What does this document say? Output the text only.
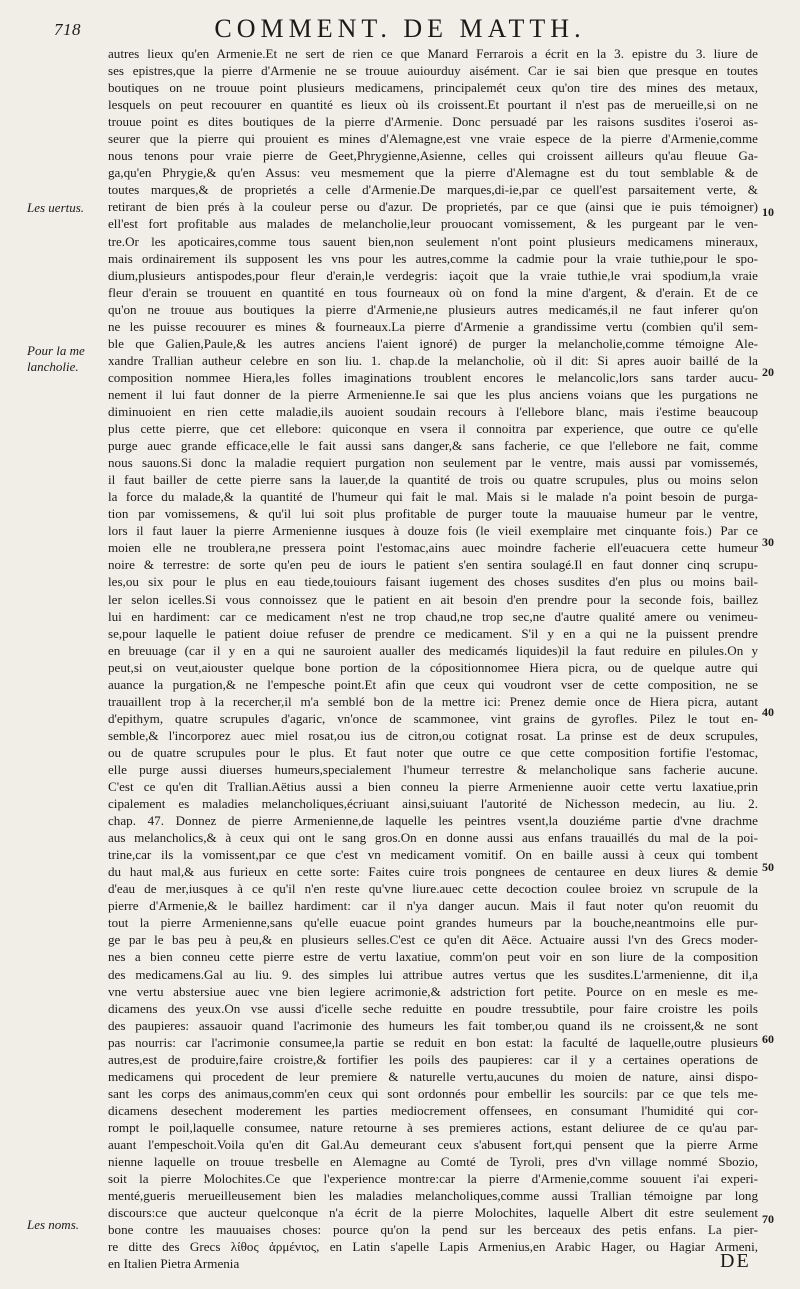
718	COMMENT. DE MATTH.
Les uertus.
Pour la me
lancholie.
Les noms.
10
20
30
40
50
60
70
autres lieux qu'en Armenie.Et ne sert de rien ce que Manard Ferrarois a écrit en la 3. epistre du 3. liure de
ses epistres,que la pierre d'Armenie ne se trouue auiourduy aisément. Car ie sai bien que presque en toutes
boutiques on ne trouue point plusieurs medicamens, principalemét ceux qu'on tire des mines des metaux,
lesquels on peut recouurer en quantité es lieux où ils croissent.Et pourtant il n'est pas de merueille,si on ne
trouue point es dites boutiques de la pierre d'Armenie. Donc persuadé par les raisons susdites i'oseroi as-
seurer que la pierre qui prouient es mines d'Alemagne,est vne vraie espece de la pierre d'Armenie,comme
nous tenons pour vraie pierre de Geet,Phrygienne,Asienne, celles qui croissent ailleurs qu'au fleuue Ga-
ga,qu'en Phrygie,& qu'en Assus: veu mesmement que la pierre d'Alemagne est du tout semblable & de
toutes marques,& de proprietés a celle d'Armenie.De marques,di-ie,par ce quell'est parsaitement verte, &
retirant de bien prés à la couleur perse ou d'azur. De proprietés, par ce que (ainsi que ie puis témoigner)
ell'est fort profitable aus malades de melancholie,leur prouocant vomissement, & les purgeant par le ven-
tre.Or les apoticaires,comme tous sauent bien,non seulement n'ont point plusieurs medicamens mineraux,
mais ordinairement ils supposent les vns pour les autres,comme la cadmie pour la vraie tuthie,pour le spo-
dium,plusieurs antispodes,pour fleur d'erain,le verdegris: iaçoit que la vraie tuthie,le vrai spodium,la vraie
fleur d'erain se trouuent en quantité en tous fourneaux où on fond la mine d'argent, & d'erain. Et de ce
qu'on ne trouue aus boutiques la pierre d'Armenie,ne plusieurs autres medicamés,il ne faut inferer qu'on
ne les puisse recouurer es mines & fourneaux.La pierre d'Armenie a grandissime vertu (combien qu'il sem-
ble que Galien,Paule,& les autres anciens l'aient ignoré) de purger la melancholie,comme témoigne Ale-
xandre Trallian autheur celebre en son liu. 1. chap.de la melancholie, où il dit: Si apres auoir baillé de la
composition nommee Hiera,les folles imaginations troublent encores le melancolic,lors sans tarder aucu-
nement il lui faut donner de la pierre Armenienne.Ie sai que les plus anciens voians que les purgations ne
diminuoient en rien cette maladie,ils auoient soudain recours à l'ellebore blanc, mais i'estime beaucoup
plus cette pierre, que cet ellebore: quiconque en vsera il connoitra par experience, que outre ce qu'elle
purge auec grande efficace,elle le fait aussi sans danger,& sans facherie, ce que l'ellebore ne fait, comme
nous sauons.Si donc la maladie requiert purgation non seulement par le ventre, mais aussi par vomissemés,
il faut bailler de cette pierre sans la lauer,de la quantité de trois ou quatre scrupules, plus ou moins selon
la force du malade,& la quantité de l'humeur qui fait le mal. Mais si le malade n'a point besoin de purga-
tion par vomissemens, & qu'il lui soit plus profitable de purger toute la mauuaise humeur par le ventre,
lors il faut lauer la pierre Armenienne iusques à douze fois (le vieil exemplaire met cinquante fois.) Par ce
moien elle ne troublera,ne pressera point l'estomac,ains auec moindre facherie ell'euacuera cette humeur
noire & terrestre: de sorte qu'en peu de iours le patient s'en sentira soulagé.Il en faut donner cinq scrupu-
les,ou six pour le plus en eau tiede,touiours faisant iugement des choses susdites d'en plus ou moins bail-
ler selon icelles.Si vous connoissez que le patient en ait besoin d'en prendre pour la seconde fois, baillez
lui en hardiment: car ce medicament n'est ne trop chaud,ne trop sec,ne d'autre qualité amere ou venimeu-
se,pour laquelle le patient doiue refuser de prendre ce medicament. S'il y en a qui ne la puissent prendre
en breuuage (car il y en a qui ne sauroient aualler des medicamés liquides)il la faut reduire en pilules.On y
peut,si on veut,aiouster quelque bone portion de la cópositionnomee Hiera picra, ou de quelque autre qui
auance la purgation,& ne l'empesche point.Et afin que ceux qui voudront vser de cette composition, ne se
trauaillent trop à la recercher,il m'a semblé bon de la mettre ici: Prenez demie once de Hiera picra, autant
d'epithym, quatre scrupules d'agaric, vn'once de scammonee, vint grains de gyrofles. Pilez le tout en-
semble,& l'incorporez auec miel rosat,ou ius de citron,ou cotignat rosat. La prinse est de deux scrupules,
ou de quatre scrupules pour le plus. Et faut noter que outre ce que cette composition fortifie l'estomac,
elle purge aussi diuerses humeurs,specialement l'humeur terrestre & melancholique sans facherie aucune.
C'est ce qu'en dit Trallian.Aëtius aussi a bien conneu la pierre Armenienne auoir cette vertu laxatiue,prin
cipalement es maladies melancholiques,écriuant ainsi,suiuant l'autorité de Nichesson medecin, au liu. 2.
chap. 47. Donnez de pierre Armenienne,de laquelle les peintres vsent,la douziéme partie d'vne drachme
aus melancholics,& à ceux qui ont le sang gros.On en donne aussi aus enfans trauaillés du mal de la poi-
trine,car ils la vomissent,par ce que c'est vn medicament vomitif. On en baille aussi à ceux qui tombent
du haut mal,& aus furieux en cette sorte: Faites cuire trois pongnees de centauree en deux liures & demie
d'eau de mer,iusques à ce qu'il n'en reste qu'vne liure.auec cette decoction coulee broiez vn scrupule de la
pierre d'Armenie,& le baillez hardiment: car il n'ya danger aucun. Mais il faut noter qu'on reuomit du
tout la pierre Armenienne,sans qu'elle euacue point grandes humeurs par la bouche,neantmoins elle pur-
ge par le bas peu à peu,& en plusieurs selles.C'est ce qu'en dit Aëce. Actuaire aussi l'vn des Grecs moder-
nes a bien conneu cette pierre estre de vertu laxatiue, comm'on peut voir en son liure de la composition
des medicamens.Gal au liu. 9. des simples lui attribue autres vertus que les susdites.L'armenienne, dit il,a
vne vertu abstersiue auec vne bien legiere acrimonie,& adstriction fort petite. Pource on en mesle es me-
dicamens des yeux.On vse aussi d'icelle seche reduitte en poudre tressubtile, pour faire croistre les poils
des paupieres: assauoir quand l'acrimonie des humeurs les fait tomber,ou quand ils ne croissent,& ne sont
pas nourris: car l'acrimonie consumee,la partie se reduit en bon estat: la faculté de laquelle,outre plusieurs
autres,est de produire,faire croistre,& fortifier les poils des paupieres: car il y a certaines operations de
medicamens qui procedent de leur premiere & naturelle vertu,aucunes du moien de nature, ainsi dispo-
sant les corps des animaus,comm'en ceux qui sont ordonnés pour embellir les sourcils: par ce que tels me-
dicamens desechent moderement les parties mediocrement offensees, en consumant l'humidité qui cor-
rompt le poil,laquelle consumee, nature retourne à ses premieres actions, estant deliuree de ce qu'au par-
auant l'empeschoit.Voila qu'en dit Gal.Au demeurant ceux s'abusent fort,qui pensent que la pierre Arme
nienne laquelle on trouue tresbelle en Alemagne au Comté de Tyroli, pres d'vn village nommé Sbozio,
soit la pierre Molochites.Ce que l'experience montre:car la pierre d'Armenie,comme souuent i'ai experi-
menté,gueris merueilleusement bien les maladies melancholiques,comme aussi Trallian témoigne par long
discours:ce que aucteur quelconque n'a écrit de la pierre Molochites, laquelle Albert dit estre seulement
bone contre les mauuaises choses: pource qu'on la pend sur les berceaux des petis enfans. La pier-
re ditte des Grecs λίθος ἀρμένιος, en Latin s'apelle Lapis Armenius,en Arabic Hager, ou Hagiar Armeni,
en Italien Pietra Armenia	DE
